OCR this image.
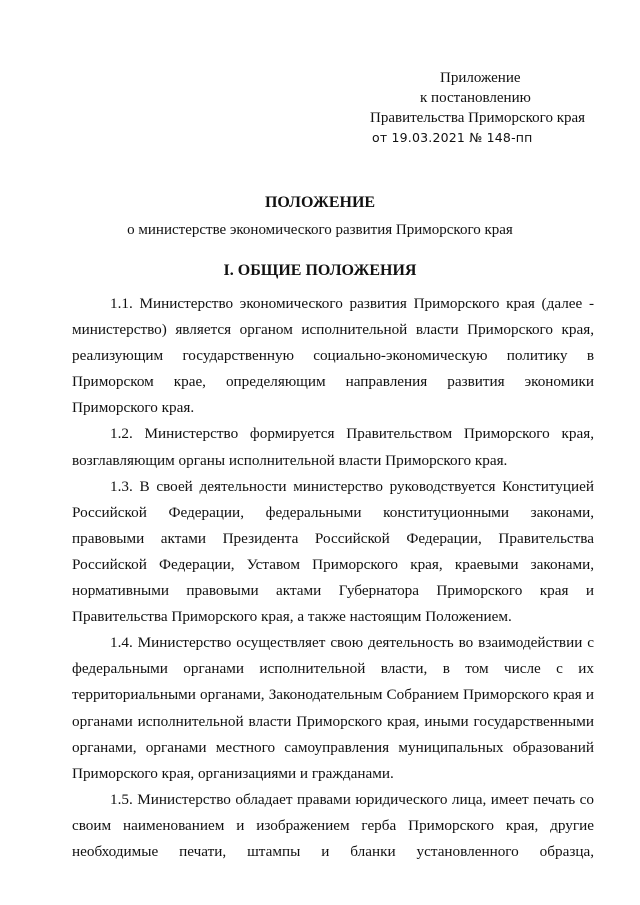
Приложение
к постановлению
Правительства Приморского края
от 19.03.2021 № 148-пп
ПОЛОЖЕНИЕ
о министерстве экономического развития Приморского края
I. ОБЩИЕ ПОЛОЖЕНИЯ

1.1. Министерство экономического развития Приморского края (далее - министерство) является органом исполнительной власти Приморского края, реализующим государственную социально-экономическую политику в Приморском крае, определяющим направления развития экономики Приморского края.

1.2. Министерство формируется Правительством Приморского края, возглавляющим органы исполнительной власти Приморского края.

1.3. В своей деятельности министерство руководствуется Конституцией Российской Федерации, федеральными конституционными законами, правовыми актами Президента Российской Федерации, Правительства Российской Федерации, Уставом Приморского края, краевыми законами, нормативными правовыми актами Губернатора Приморского края и Правительства Приморского края, а также настоящим Положением.

1.4. Министерство осуществляет свою деятельность во взаимодействии с федеральными органами исполнительной власти, в том числе с их территориальными органами, Законодательным Собранием Приморского края и органами исполнительной власти Приморского края, иными государственными органами, органами местного самоуправления муниципальных образований Приморского края, организациями и гражданами.

1.5. Министерство обладает правами юридического лица, имеет печать со своим наименованием и изображением герба Приморского края, другие необходимые печати, штампы и бланки установленного образца,
